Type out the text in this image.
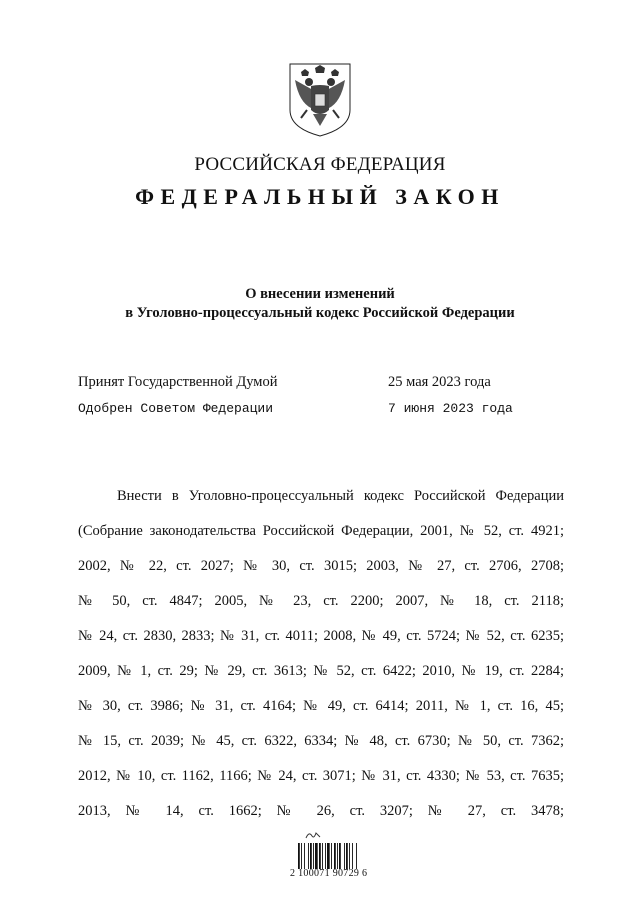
РОССИЙСКАЯ ФЕДЕРАЦИЯ
ФЕДЕРАЛЬНЫЙ ЗАКОН
О внесении изменений
в Уголовно-процессуальный кодекс Российской Федерации
Принят Государственной Думой	25 мая 2023 года
Одобрен Советом Федерации	7 июня 2023 года
Внести в Уголовно-процессуальный кодекс Российской Федерации
(Собрание законодательства Российской Федерации, 2001, № 52, ст. 4921;
2002, № 22, ст. 2027; № 30, ст. 3015; 2003, № 27, ст. 2706, 2708;
№ 50, ст. 4847; 2005, № 23, ст. 2200; 2007, № 18, ст. 2118;
№ 24, ст. 2830, 2833; № 31, ст. 4011; 2008, № 49, ст. 5724; № 52, ст. 6235;
2009, № 1, ст. 29; № 29, ст. 3613; № 52, ст. 6422; 2010, № 19, ст. 2284;
№ 30, ст. 3986; № 31, ст. 4164; № 49, ст. 6414; 2011, № 1, ст. 16, 45;
№ 15, ст. 2039; № 45, ст. 6322, 6334; № 48, ст. 6730; № 50, ст. 7362;
2012, № 10, ст. 1162, 1166; № 24, ст. 3071; № 31, ст. 4330; № 53, ст. 7635;
2013, № 14, ст. 1662; № 26, ст. 3207; № 27, ст. 3478;
2 100071 90729 6
